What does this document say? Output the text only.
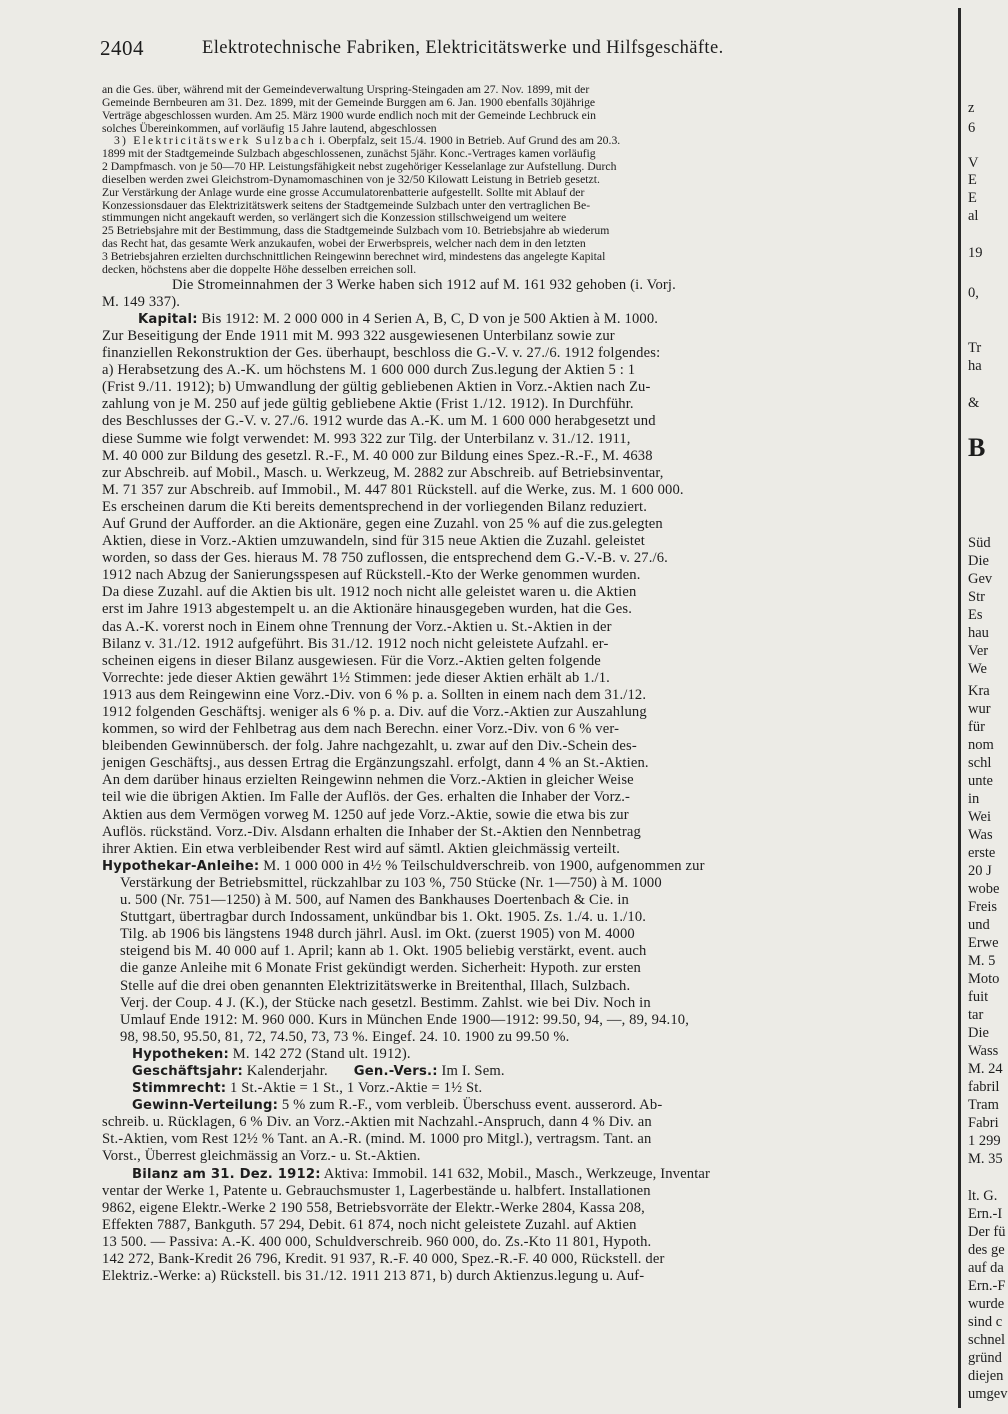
2404	Elektrotechnische Fabriken, Elektricitätswerke und Hilfsgeschäfte.
an die Ges. über, während mit der Gemeindeverwaltung Urspring-Steingaden am 27. Nov. 1899, mit der
Gemeinde Bernbeuren am 31. Dez. 1899, mit der Gemeinde Burggen am 6. Jan. 1900 ebenfalls 30jährige
Verträge abgeschlossen wurden. Am 25. März 1900 wurde endlich noch mit der Gemeinde Lechbruck ein
solches Übereinkommen, auf vorläufig 15 Jahre lautend, abgeschlossen
3) Elektricitätswerk Sulzbach i. Oberpfalz, seit 15./4. 1900 in Betrieb. Auf Grund des am 20.3.
1899 mit der Stadtgemeinde Sulzbach abgeschlossenen, zunächst 5jähr. Konc.-Vertrages kamen vorläufig
2 Dampfmasch. von je 50—70 HP. Leistungsfähigkeit nebst zugehöriger Kesselanlage zur Aufstellung. Durch
dieselben werden zwei Gleichstrom-Dynamomaschinen von je 32/50 Kilowatt Leistung in Betrieb gesetzt.
Zur Verstärkung der Anlage wurde eine grosse Accumulatorenbatterie aufgestellt. Sollte mit Ablauf der
Konzessionsdauer das Elektrizitätswerk seitens der Stadtgemeinde Sulzbach unter den vertraglichen Be-
stimmungen nicht angekauft werden, so verlängert sich die Konzession stillschweigend um weitere
25 Betriebsjahre mit der Bestimmung, dass die Stadtgemeinde Sulzbach vom 10. Betriebsjahre ab wiederum
das Recht hat, das gesamte Werk anzukaufen, wobei der Erwerbspreis, welcher nach dem in den letzten
3 Betriebsjahren erzielten durchschnittlichen Reingewinn berechnet wird, mindestens das angelegte Kapital
decken, höchstens aber die doppelte Höhe desselben erreichen soll.
Die Stromeinnahmen der 3 Werke haben sich 1912 auf M. 161 932 gehoben (i. Vorj.
M. 149 337).
Kapital: Bis 1912: M. 2 000 000 in 4 Serien A, B, C, D von je 500 Aktien à M. 1000.
Zur Beseitigung der Ende 1911 mit M. 993 322 ausgewiesenen Unterbilanz sowie zur
finanziellen Rekonstruktion der Ges. überhaupt, beschloss die G.-V. v. 27./6. 1912 folgendes:
a) Herabsetzung des A.-K. um höchstens M. 1 600 000 durch Zus.legung der Aktien 5 : 1
(Frist 9./11. 1912); b) Umwandlung der gültig gebliebenen Aktien in Vorz.-Aktien nach Zu-
zahlung von je M. 250 auf jede gültig gebliebene Aktie (Frist 1./12. 1912). In Durchführ.
des Beschlusses der G.-V. v. 27./6. 1912 wurde das A.-K. um M. 1 600 000 herabgesetzt und
diese Summe wie folgt verwendet: M. 993 322 zur Tilg. der Unterbilanz v. 31./12. 1911,
M. 40 000 zur Bildung des gesetzl. R.-F., M. 40 000 zur Bildung eines Spez.-R.-F., M. 4638
zur Abschreib. auf Mobil., Masch. u. Werkzeug, M. 2882 zur Abschreib. auf Betriebsinventar,
M. 71 357 zur Abschreib. auf Immobil., M. 447 801 Rückstell. auf die Werke, zus. M. 1 600 000.
Es erscheinen darum die Kti bereits dementsprechend in der vorliegenden Bilanz reduziert.
Auf Grund der Aufforder. an die Aktionäre, gegen eine Zuzahl. von 25 % auf die zus.gelegten
Aktien, diese in Vorz.-Aktien umzuwandeln, sind für 315 neue Aktien die Zuzahl. geleistet
worden, so dass der Ges. hieraus M. 78 750 zuflossen, die entsprechend dem G.-V.-B. v. 27./6.
1912 nach Abzug der Sanierungsspesen auf Rückstell.-Kto der Werke genommen wurden.
Da diese Zuzahl. auf die Aktien bis ult. 1912 noch nicht alle geleistet waren u. die Aktien
erst im Jahre 1913 abgestempelt u. an die Aktionäre hinausgegeben wurden, hat die Ges.
das A.-K. vorerst noch in Einem ohne Trennung der Vorz.-Aktien u. St.-Aktien in der
Bilanz v. 31./12. 1912 aufgeführt. Bis 31./12. 1912 noch nicht geleistete Aufzahl. er-
scheinen eigens in dieser Bilanz ausgewiesen. Für die Vorz.-Aktien gelten folgende
Vorrechte: jede dieser Aktien gewährt 1½ Stimmen: jede dieser Aktien erhält ab 1./1.
1913 aus dem Reingewinn eine Vorz.-Div. von 6 % p. a. Sollten in einem nach dem 31./12.
1912 folgenden Geschäftsj. weniger als 6 % p. a. Div. auf die Vorz.-Aktien zur Auszahlung
kommen, so wird der Fehlbetrag aus dem nach Berechn. einer Vorz.-Div. von 6 % ver-
bleibenden Gewinnübersch. der folg. Jahre nachgezahlt, u. zwar auf den Div.-Schein des-
jenigen Geschäftsj., aus dessen Ertrag die Ergänzungszahl. erfolgt, dann 4 % an St.-Aktien.
An dem darüber hinaus erzielten Reingewinn nehmen die Vorz.-Aktien in gleicher Weise
teil wie die übrigen Aktien. Im Falle der Auflös. der Ges. erhalten die Inhaber der Vorz.-
Aktien aus dem Vermögen vorweg M. 1250 auf jede Vorz.-Aktie, sowie die etwa bis zur
Auflös. rückständ. Vorz.-Div. Alsdann erhalten die Inhaber der St.-Aktien den Nennbetrag
ihrer Aktien. Ein etwa verbleibender Rest wird auf sämtl. Aktien gleichmässig verteilt.
Hypothekar-Anleihe: M. 1 000 000 in 4½ % Teilschuldverschreib. von 1900, aufgenommen zur
Verstärkung der Betriebsmittel, rückzahlbar zu 103 %, 750 Stücke (Nr. 1—750) à M. 1000
u. 500 (Nr. 751—1250) à M. 500, auf Namen des Bankhauses Doertenbach & Cie. in
Stuttgart, übertragbar durch Indossament, unkündbar bis 1. Okt. 1905. Zs. 1./4. u. 1./10.
Tilg. ab 1906 bis längstens 1948 durch jährl. Ausl. im Okt. (zuerst 1905) von M. 4000
steigend bis M. 40 000 auf 1. April; kann ab 1. Okt. 1905 beliebig verstärkt, event. auch
die ganze Anleihe mit 6 Monate Frist gekündigt werden. Sicherheit: Hypoth. zur ersten
Stelle auf die drei oben genannten Elektrizitätswerke in Breitenthal, Illach, Sulzbach.
Verj. der Coup. 4 J. (K.), der Stücke nach gesetzl. Bestimm. Zahlst. wie bei Div. Noch in
Umlauf Ende 1912: M. 960 000. Kurs in München Ende 1900—1912: 99.50, 94, —, 89, 94.10,
98, 98.50, 95.50, 81, 72, 74.50, 73, 73 %. Eingef. 24. 10. 1900 zu 99.50 %.
Hypotheken: M. 142 272 (Stand ult. 1912).
Geschäftsjahr: Kalenderjahr. Gen.-Vers.: Im I. Sem.
Stimmrecht: 1 St.-Aktie = 1 St., 1 Vorz.-Aktie = 1½ St.
Gewinn-Verteilung: 5 % zum R.-F., vom verbleib. Überschuss event. ausserord. Ab-
schreib. u. Rücklagen, 6 % Div. an Vorz.-Aktien mit Nachzahl.-Anspruch, dann 4 % Div. an
St.-Aktien, vom Rest 12½ % Tant. an A.-R. (mind. M. 1000 pro Mitgl.), vertragsm. Tant. an
Vorst., Überrest gleichmässig an Vorz.- u. St.-Aktien.
Bilanz am 31. Dez. 1912: Aktiva: Immobil. 141 632, Mobil., Masch., Werkzeuge, Inventar
ventar der Werke 1, Patente u. Gebrauchsmuster 1, Lagerbestände u. halbfert. Installationen
9862, eigene Elektr.-Werke 2 190 558, Betriebsvorräte der Elektr.-Werke 2804, Kassa 208,
Effekten 7887, Bankguth. 57 294, Debit. 61 874, noch nicht geleistete Zuzahl. auf Aktien
13 500. — Passiva: A.-K. 400 000, Schuldverschreib. 960 000, do. Zs.-Kto 11 801, Hypoth.
142 272, Bank-Kredit 26 796, Kredit. 91 937, R.-F. 40 000, Spez.-R.-F. 40 000, Rückstell. der
Elektriz.-Werke: a) Rückstell. bis 31./12. 1911 213 871, b) durch Aktienzus.legung u. Auf-
z
6
V
E
E
al
19
0,
Tr
ha
&
B
Süd
Die
Gev
Str
Es
hau
Ver
We
Kra
wur
für
nom
schl
unte
in
Wei
Was
erste
20 J
wobe
Freis
und
Erwe
M. 5
Moto
fuit
tar
Die
Wass
M. 24
fabril
Tram
Fabri
1 299
M. 35
lt. G.
Ern.-I
Der fü
des ge
auf da
Ern.-F
wurde
sind c
schnel
gründ
diejen
umgev
